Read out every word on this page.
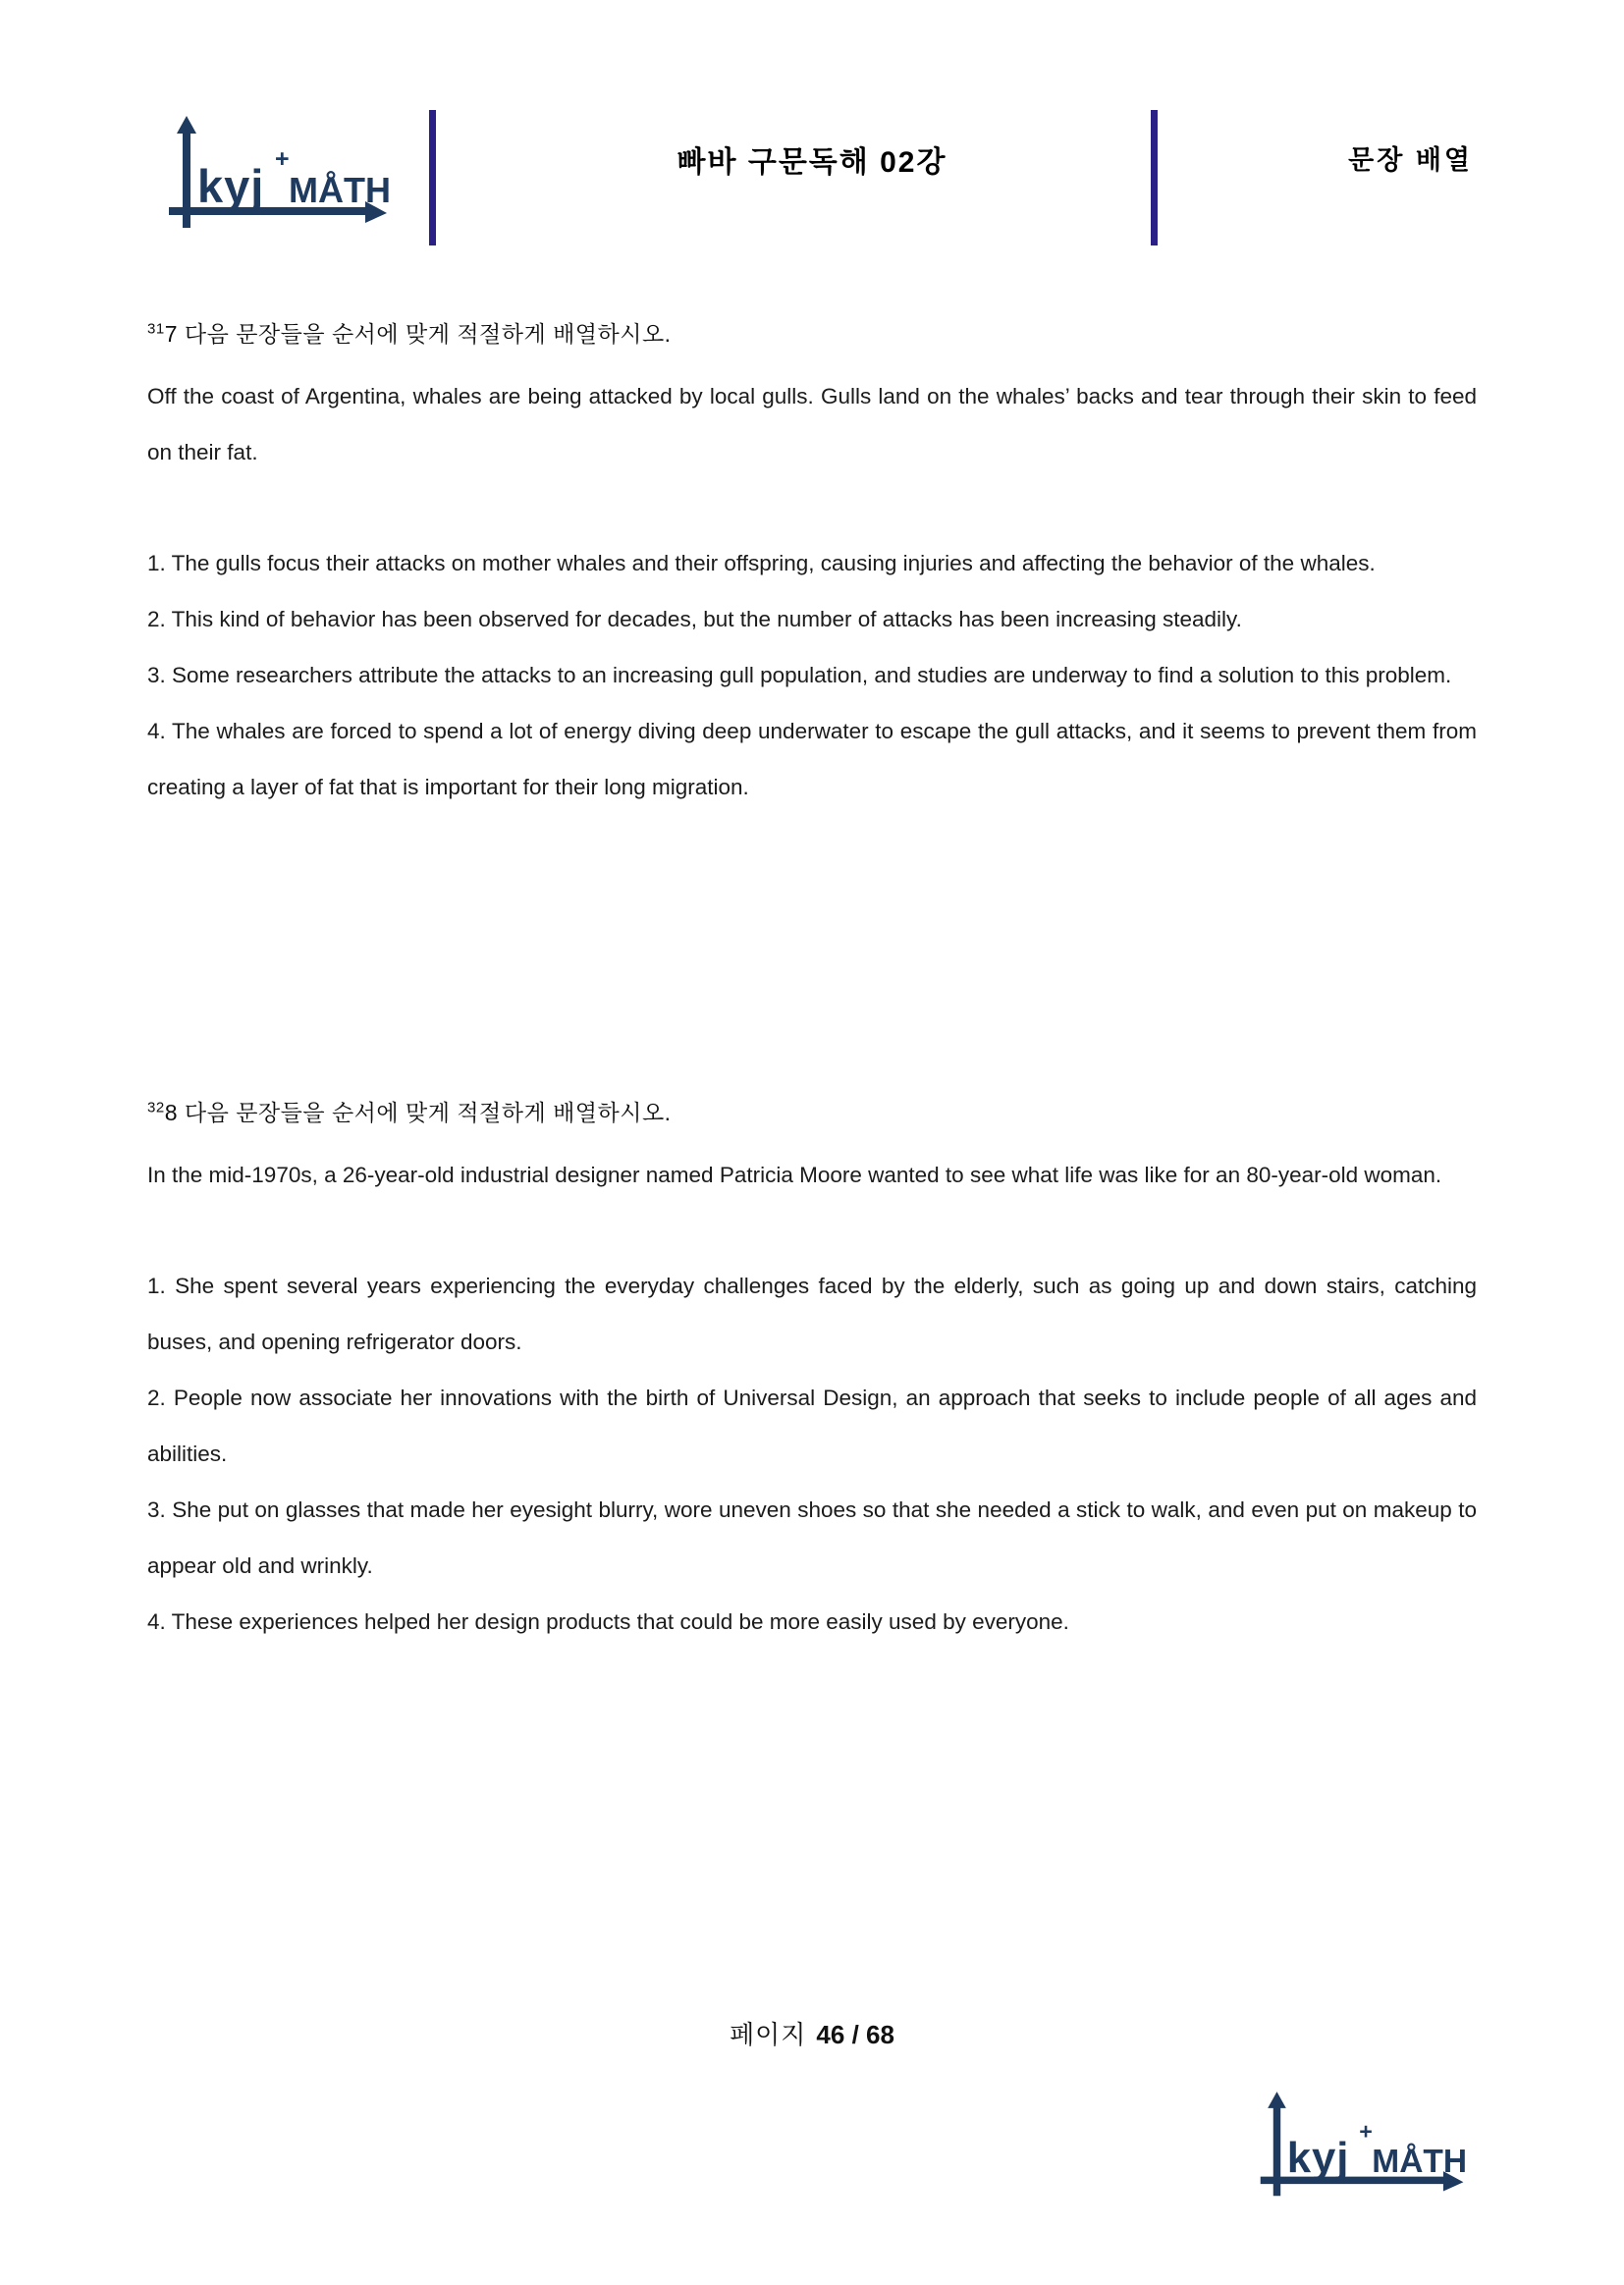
kyj
+
MÅTH
빠바 구문독해 02강	문장 배열
$^{31}$7 다음 문장들을 순서에 맞게 적절하게 배열하시오.

Off the coast of Argentina, whales are being attacked by local gulls. Gulls land on the whales’ backs and tear through their skin to feed on their fat.

1. The gulls focus their attacks on mother whales and their offspring, causing injuries and affecting the behavior of the whales.
2. This kind of behavior has been observed for decades, but the number of attacks has been increasing steadily.
3. Some researchers attribute the attacks to an increasing gull population, and studies are underway to find a solution to this problem.
4. The whales are forced to spend a lot of energy diving deep underwater to escape the gull attacks, and it seems to prevent them from creating a layer of fat that is important for their long migration.
$^{32}$8 다음 문장들을 순서에 맞게 적절하게 배열하시오.

In the mid-1970s, a 26-year-old industrial designer named Patricia Moore wanted to see what life was like for an 80-year-old woman.

1. She spent several years experiencing the everyday challenges faced by the elderly, such as going up and down stairs, catching buses, and opening refrigerator doors.
2. People now associate her innovations with the birth of Universal Design, an approach that seeks to include people of all ages and abilities.
3. She put on glasses that made her eyesight blurry, wore uneven shoes so that she needed a stick to walk, and even put on makeup to appear old and wrinkly.
4. These experiences helped her design products that could be more easily used by everyone.
페이지 46 / 68
kyj
+
MÅTH
